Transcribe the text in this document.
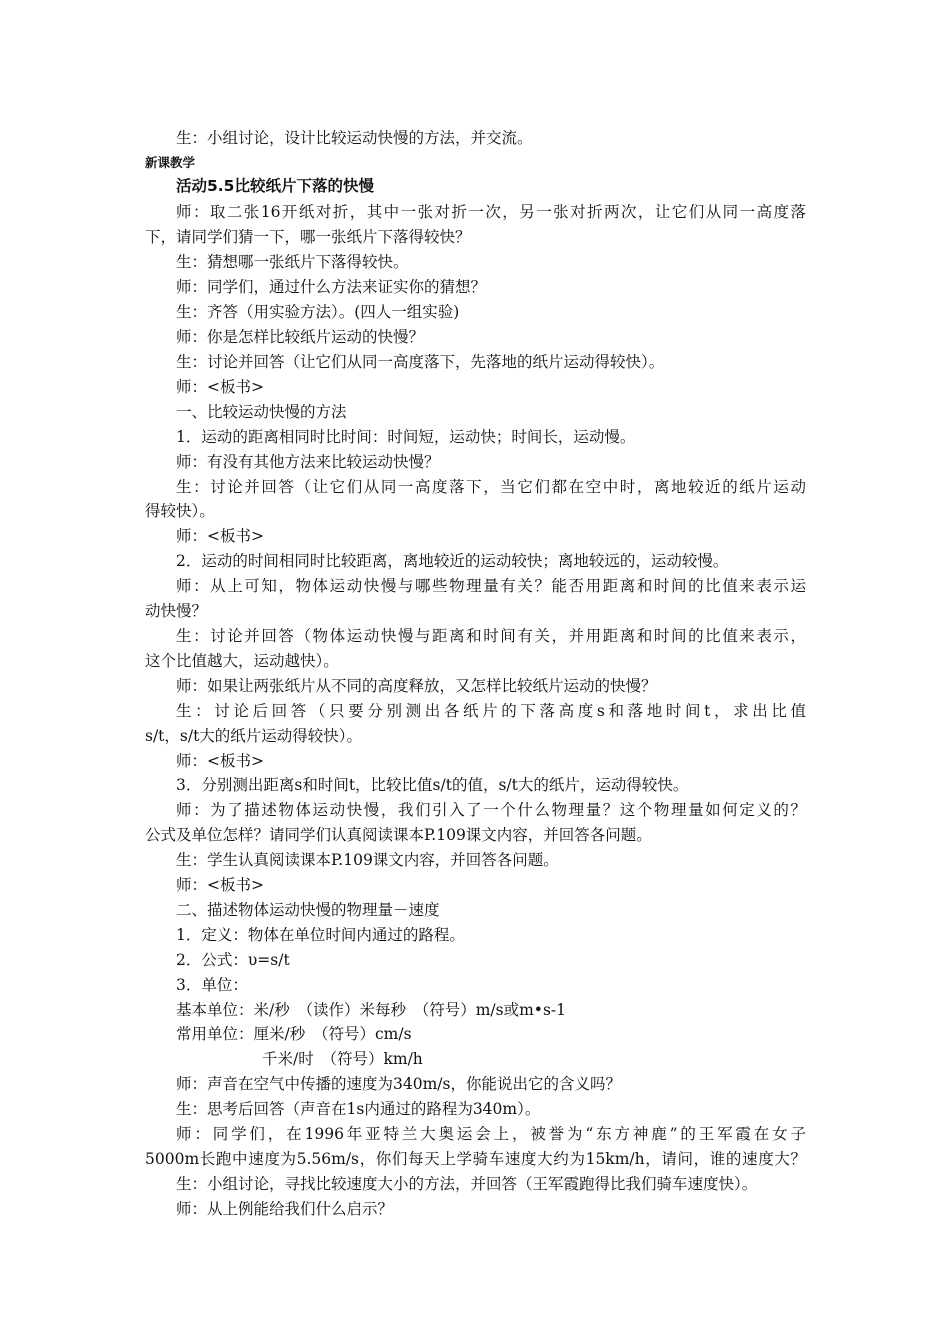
生：小组讨论，设计比较运动快慢的方法，并交流。
新课教学
活动5.5比较纸片下落的快慢
师：取二张16开纸对折，其中一张对折一次，另一张对折两次，让它们从同一高度落
下，请同学们猜一下，哪一张纸片下落得较快？
生：猜想哪一张纸片下落得较快。
师：同学们，通过什么方法来证实你的猜想？
生：齐答（用实验方法）。(四人一组实验)
师：你是怎样比较纸片运动的快慢？
生：讨论并回答（让它们从同一高度落下，先落地的纸片运动得较快）。
师：<板书>
一、比较运动快慢的方法
1．运动的距离相同时比时间：时间短，运动快；时间长，运动慢。
师：有没有其他方法来比较运动快慢？
生：讨论并回答（让它们从同一高度落下，当它们都在空中时，离地较近的纸片运动
得较快）。
师：<板书>
2．运动的时间相同时比较距离，离地较近的运动较快；离地较远的，运动较慢。
师：从上可知，物体运动快慢与哪些物理量有关？能否用距离和时间的比值来表示运
动快慢？
生：讨论并回答（物体运动快慢与距离和时间有关，并用距离和时间的比值来表示，
这个比值越大，运动越快）。
师：如果让两张纸片从不同的高度释放，又怎样比较纸片运动的快慢？
生：讨论后回答（只要分别测出各纸片的下落高度s和落地时间t，求出比值
s/t，s/t大的纸片运动得较快）。
师：<板书>
3．分别测出距离s和时间t，比较比值s/t的值，s/t大的纸片，运动得较快。
师：为了描述物体运动快慢，我们引入了一个什么物理量？这个物理量如何定义的？
公式及单位怎样？请同学们认真阅读课本P.109课文内容，并回答各问题。
生：学生认真阅读课本P.109课文内容，并回答各问题。
师：<板书>
二、描述物体运动快慢的物理量－速度
1．定义：物体在单位时间内通过的路程。
2．公式：υ=s/t
3．单位：
基本单位：米/秒　（读作）米每秒　（符号）m/s或m•s-1
常用单位：厘米/秒　（符号）cm/s
千米/时　（符号）km/h
师：声音在空气中传播的速度为340m/s，你能说出它的含义吗？
生：思考后回答（声音在1s内通过的路程为340m）。
师：同学们，在1996年亚特兰大奥运会上，被誉为“东方神鹿”的王军霞在女子
5000m长跑中速度为5.56m/s，你们每天上学骑车速度大约为15km/h，请问，谁的速度大？
生：小组讨论，寻找比较速度大小的方法，并回答（王军霞跑得比我们骑车速度快）。
师：从上例能给我们什么启示？
